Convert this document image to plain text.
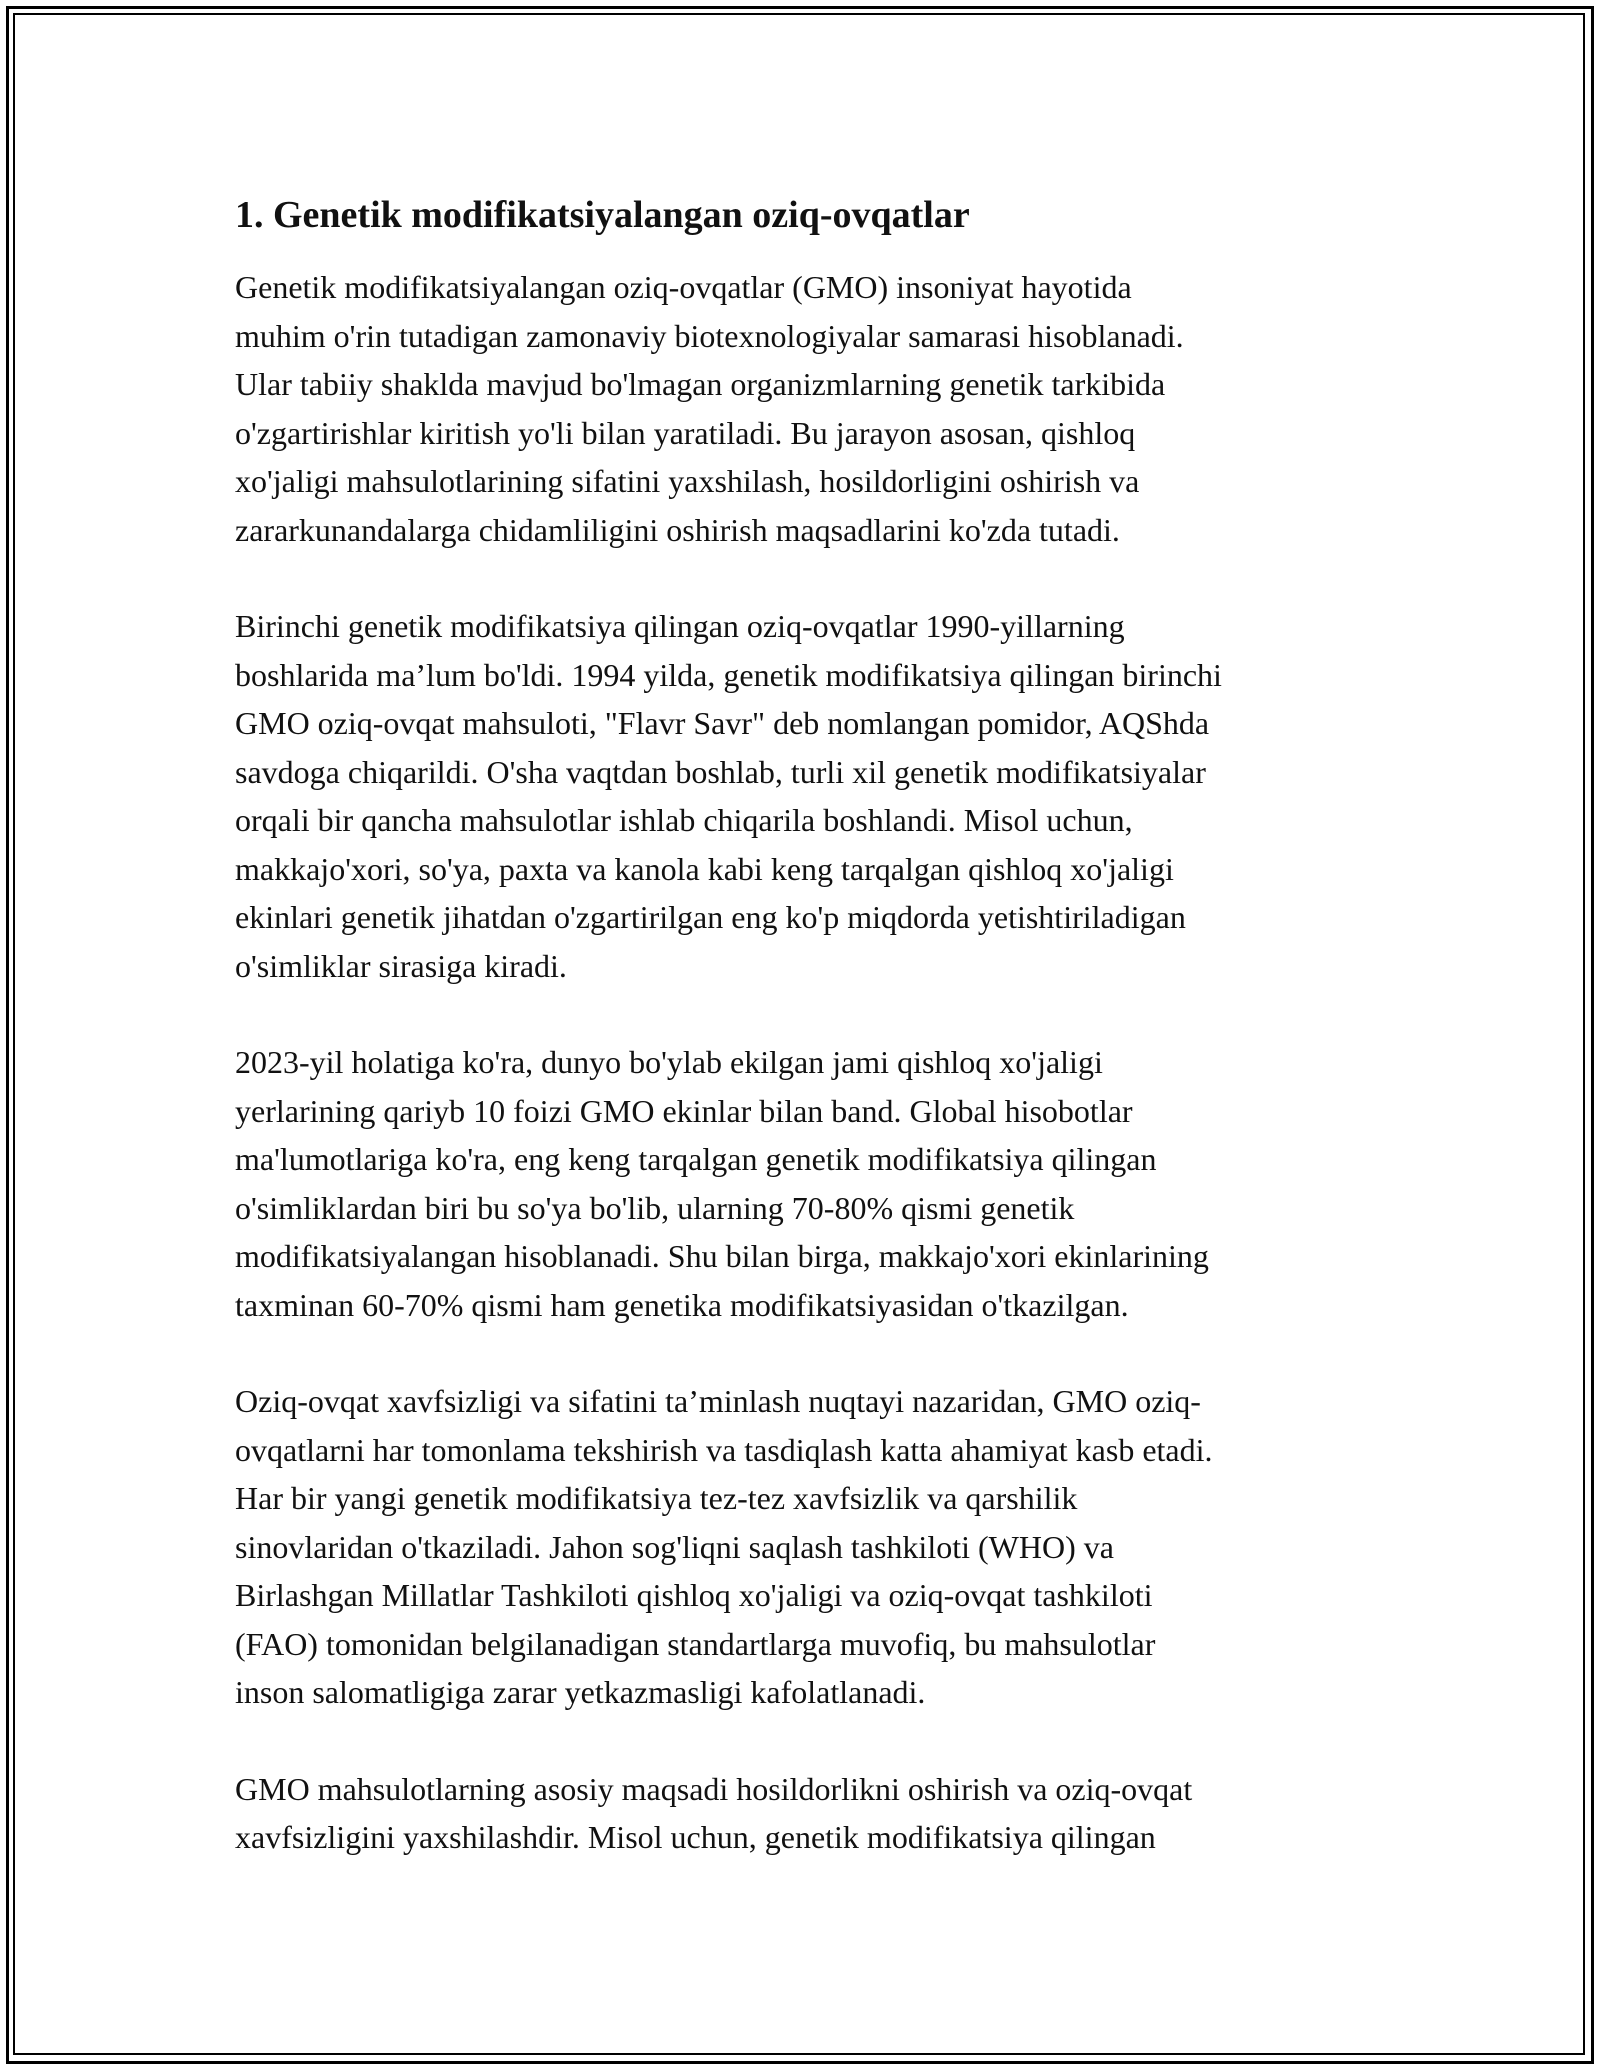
1. Genetik modifikatsiyalangan oziq-ovqatlar

Genetik modifikatsiyalangan oziq-ovqatlar (GMO) insoniyat hayotida
muhim o'rin tutadigan zamonaviy biotexnologiyalar samarasi hisoblanadi.
Ular tabiiy shaklda mavjud bo'lmagan organizmlarning genetik tarkibida
o'zgartirishlar kiritish yo'li bilan yaratiladi. Bu jarayon asosan, qishloq
xo'jaligi mahsulotlarining sifatini yaxshilash, hosildorligini oshirish va
zararkunandalarga chidamliligini oshirish maqsadlarini ko'zda tutadi.

Birinchi genetik modifikatsiya qilingan oziq-ovqatlar 1990-yillarning
boshlarida ma’lum bo'ldi. 1994 yilda, genetik modifikatsiya qilingan birinchi
GMO oziq-ovqat mahsuloti, "Flavr Savr" deb nomlangan pomidor, AQShda
savdoga chiqarildi. O'sha vaqtdan boshlab, turli xil genetik modifikatsiyalar
orqali bir qancha mahsulotlar ishlab chiqarila boshlandi. Misol uchun,
makkajo'xori, so'ya, paxta va kanola kabi keng tarqalgan qishloq xo'jaligi
ekinlari genetik jihatdan o'zgartirilgan eng ko'p miqdorda yetishtiriladigan
o'simliklar sirasiga kiradi.

2023-yil holatiga ko'ra, dunyo bo'ylab ekilgan jami qishloq xo'jaligi
yerlarining qariyb 10 foizi GMO ekinlar bilan band. Global hisobotlar
ma'lumotlariga ko'ra, eng keng tarqalgan genetik modifikatsiya qilingan
o'simliklardan biri bu so'ya bo'lib, ularning 70-80% qismi genetik
modifikatsiyalangan hisoblanadi. Shu bilan birga, makkajo'xori ekinlarining
taxminan 60-70% qismi ham genetika modifikatsiyasidan o'tkazilgan.

Oziq-ovqat xavfsizligi va sifatini ta’minlash nuqtayi nazaridan, GMO oziq-
ovqatlarni har tomonlama tekshirish va tasdiqlash katta ahamiyat kasb etadi.
Har bir yangi genetik modifikatsiya tez-tez xavfsizlik va qarshilik
sinovlaridan o'tkaziladi. Jahon sog'liqni saqlash tashkiloti (WHO) va
Birlashgan Millatlar Tashkiloti qishloq xo'jaligi va oziq-ovqat tashkiloti
(FAO) tomonidan belgilanadigan standartlarga muvofiq, bu mahsulotlar
inson salomatligiga zarar yetkazmasligi kafolatlanadi.

GMO mahsulotlarning asosiy maqsadi hosildorlikni oshirish va oziq-ovqat
xavfsizligini yaxshilashdir. Misol uchun, genetik modifikatsiya qilingan
